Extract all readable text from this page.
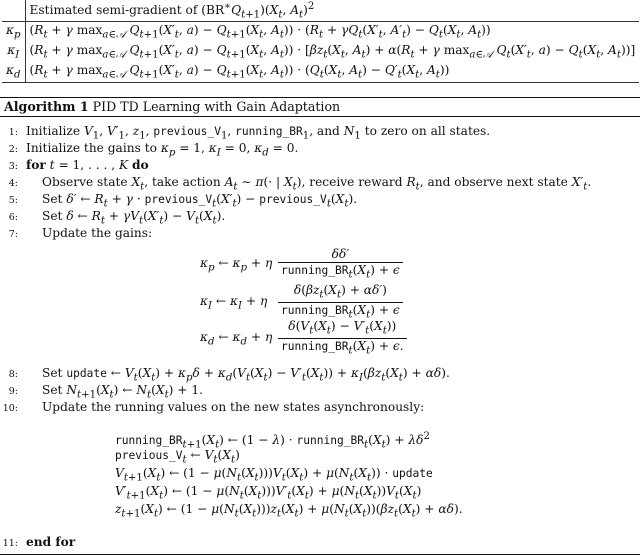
	Estimated semi-gradient of $(BR^∗Q_{t+1})(X_t$, $A_t)^2$
$\kappa_p$	($R_t + \gamma$ $\max_{a\in 𝒜} Q_{t+1}(X'_t$, $a) - Q_{t+1}(X_t$, $A_t)) \cdot (R_t + \gamma Q_t(X'_t$, $A'_t) - Q_t(X_t$, $A_t$))
$\kappa_I$	($R_t + \gamma$ $\max_{a\in 𝒜} Q_{t+1}(X'_t$, $a) - Q_{t+1}(X_t$, $A_t)) \cdot [\beta z_t(X_t$, $A_t) + \alpha(R_t + \gamma$ $\max_{a\in 𝒜} Q_t(X'_t$, $a) - Q_t(X_t$, $A_t$))]
$\kappa_d$	($R_t + \gamma$ $\max_{a\in 𝒜} Q_{t+1}(X'_t$, $a) - Q_{t+1}(X_t$, $A_t)) \cdot (Q_t(X_t$, $A_t) - Q'_t(X_t$, $A_t$))
Algorithm 1 PID TD Learning with Gain Adaptation
1: Initialize $V_1$, $V'_1$, $z_1$, $previous\_V_1$, $running\_BR_1$, and $N_1$ to zero on all states.
2: Initialize the gains to $\kappa_p = 1$, $\kappa_I = 0$, $\kappa_d = 0$.
3: for t = 1, . . . , K do
4: Observe state $X_t$, take action $A_t$ ∼ π(· | $X_t$), receive reward $R_t$, and observe next state $X'_t$.
5: Set δ′ ← $R_t + \gamma$ · $previous\_V_t(X'_t)$ − $previous\_V_t(X_t)$.
6: Set δ ← $R_t + \gamma V_t(X'_t) - V_t(X_t)$.
7: Update the gains:
$\kappa_p$ ← $\kappa_p + \eta \frac{\delta\delta'}{running\_BR_t(X_t) + \epsilon}$
$\kappa_I$ ← $\kappa_I + \eta \frac{\delta(\beta z_t(X_t) + \alpha\delta')}{running\_BR_t(X_t) + \epsilon}$
$\kappa_d$ ← $\kappa_d + \eta \frac{\delta(V_t(X_t) - V'_t(X_t))}{running\_BR_t(X_t) + \epsilon.}$
8: Set update ← $V_t(X_t) + \kappa_p\delta + \kappa_d(V_t(X_t) - V'_t(X_t)) + \kappa_I(\beta z_t(X_t) + \alpha\delta)$.
9: Set $N_{t+1}(X_t)$ ← $N_t(X_t) + 1$.
10: Update the running values on the new states asynchronously:
$running\_BR_{t+1}(X_t)$ ← $(1 - \lambda) \cdot running\_BR_t(X_t) + \lambda\delta^2$
$previous\_V_t$ ← $V_t(X_t)$
$V_{t+1}(X_t)$ ← $(1 - \mu(N_t(X_t)))V_t(X_t) + \mu(N_t(X_t))$ · update
$V'_{t+1}(X_t)$ ← $(1 - \mu(N_t(X_t)))V'_t(X_t) + \mu(N_t(X_t))V_t(X_t)$
$z_{t+1}(X_t)$ ← $(1 - \mu(N_t(X_t)))z_t(X_t) + \mu(N_t(X_t))(\beta z_t(X_t) + \alpha\delta)$.
11: end for
